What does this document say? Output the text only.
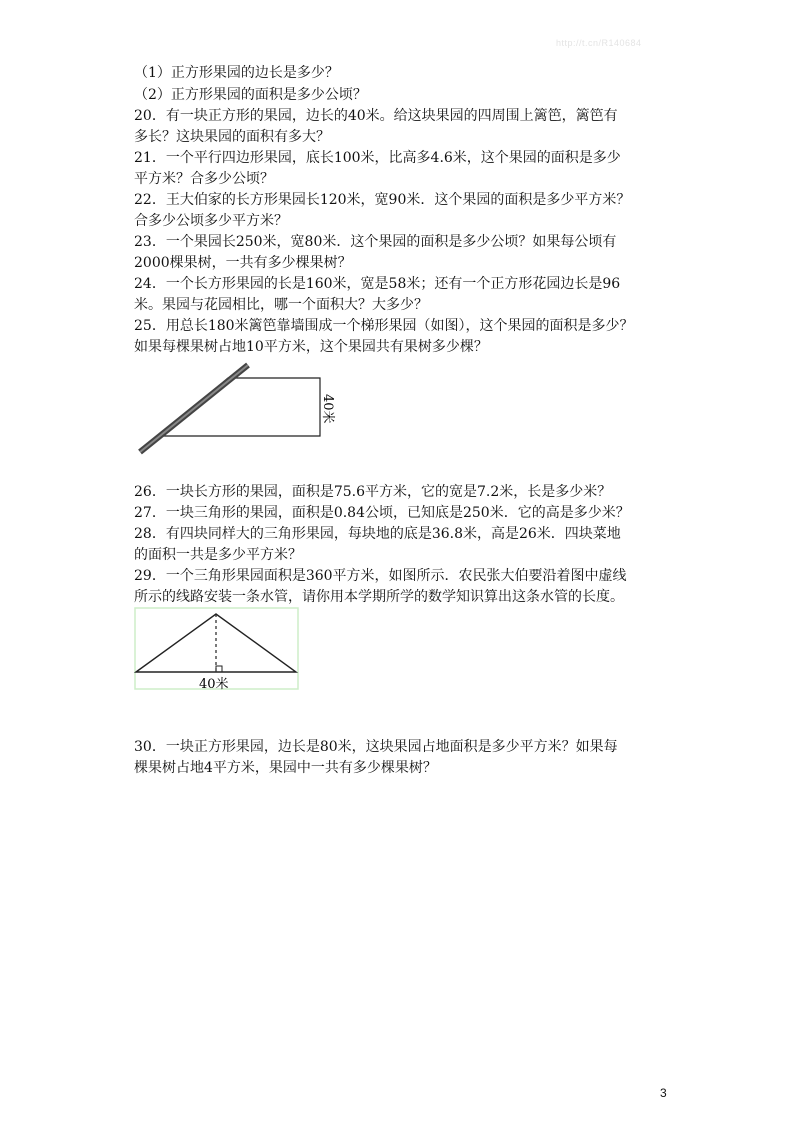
http://t.cn/R140684
（1）正方形果园的边长是多少？
（2）正方形果园的面积是多少公顷？
20．有一块正方形的果园，边长的40米。给这块果园的四周围上篱笆，篱笆有
多长？这块果园的面积有多大？
21．一个平行四边形果园，底长100米，比高多4.6米，这个果园的面积是多少
平方米？合多少公顷？
22．王大伯家的长方形果园长120米，宽90米．这个果园的面积是多少平方米？
合多少公顷多少平方米？
23．一个果园长250米，宽80米．这个果园的面积是多少公顷？如果每公顷有
2000棵果树，一共有多少棵果树？
24．一个长方形果园的长是160米，宽是58米；还有一个正方形花园边长是96
米。果园与花园相比，哪一个面积大？大多少？
25．用总长180米篱笆靠墙围成一个梯形果园（如图），这个果园的面积是多少？
如果每棵果树占地10平方米，这个果园共有果树多少棵？
40米
26．一块长方形的果园，面积是75.6平方米，它的宽是7.2米，长是多少米？
27．一块三角形的果园，面积是0.84公顷，已知底是250米．它的高是多少米？
28．有四块同样大的三角形果园，每块地的底是36.8米，高是26米．四块菜地
的面积一共是多少平方米？
29．一个三角形果园面积是360平方米，如图所示．农民张大伯要沿着图中虚线
所示的线路安装一条水管，请你用本学期所学的数学知识算出这条水管的长度。
40米
30．一块正方形果园，边长是80米，这块果园占地面积是多少平方米？如果每
棵果树占地4平方米，果园中一共有多少棵果树？
3
